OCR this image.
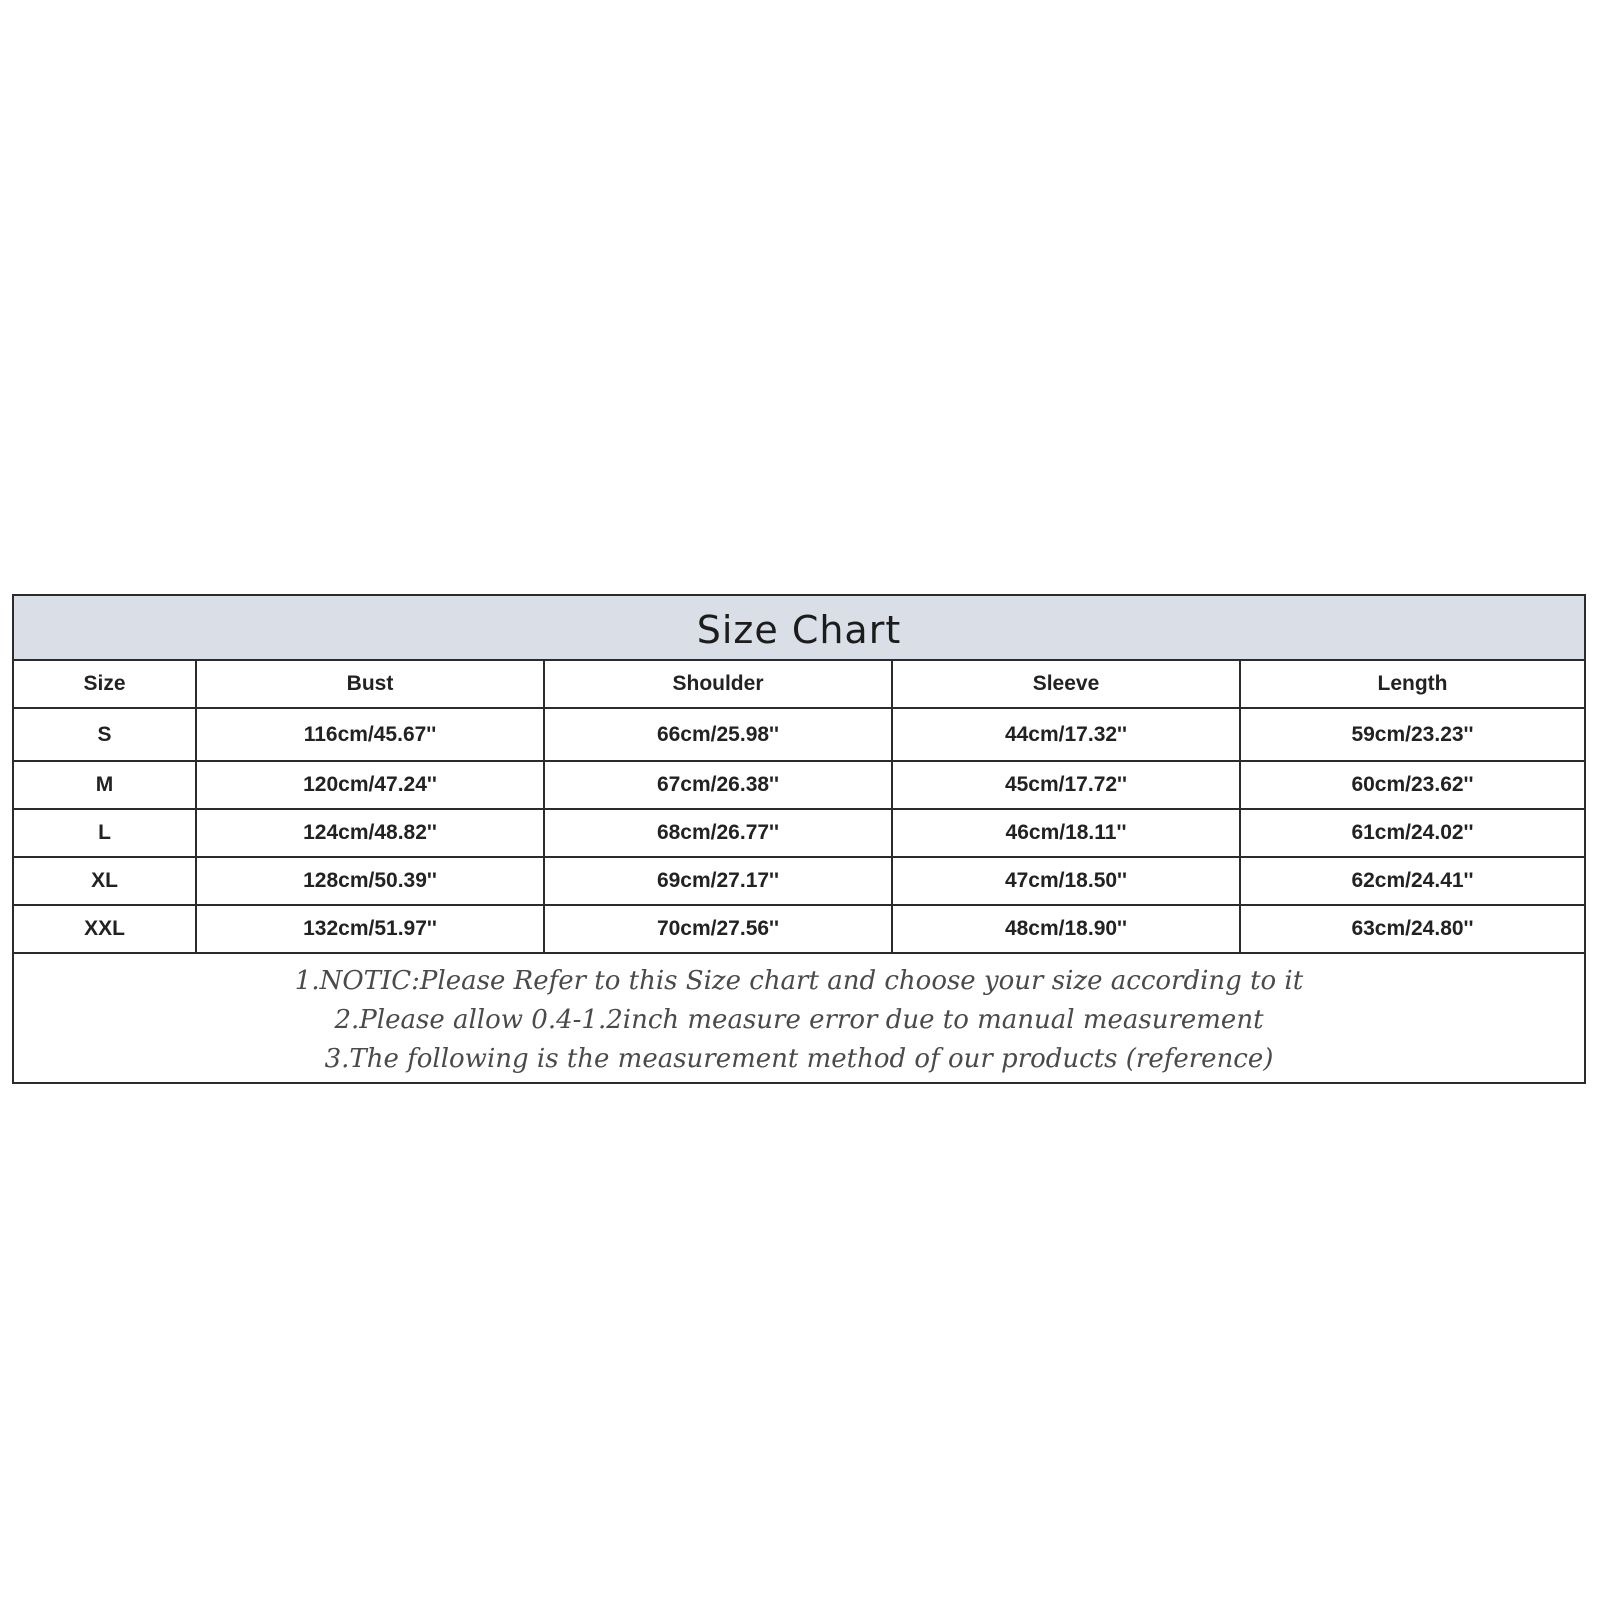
Size Chart
Size	Bust	Shoulder	Sleeve	Length
S	116cm/45.67''	66cm/25.98''	44cm/17.32''	59cm/23.23''
M	120cm/47.24''	67cm/26.38''	45cm/17.72''	60cm/23.62''
L	124cm/48.82''	68cm/26.77''	46cm/18.11''	61cm/24.02''
XL	128cm/50.39''	69cm/27.17''	47cm/18.50''	62cm/24.41''
XXL	132cm/51.97''	70cm/27.56''	48cm/18.90''	63cm/24.80''
1.NOTIC:Please Refer to this Size chart and choose your size according to it
2.Please allow 0.4-1.2inch measure error due to manual measurement
3.The following is the measurement method of our products (reference)
